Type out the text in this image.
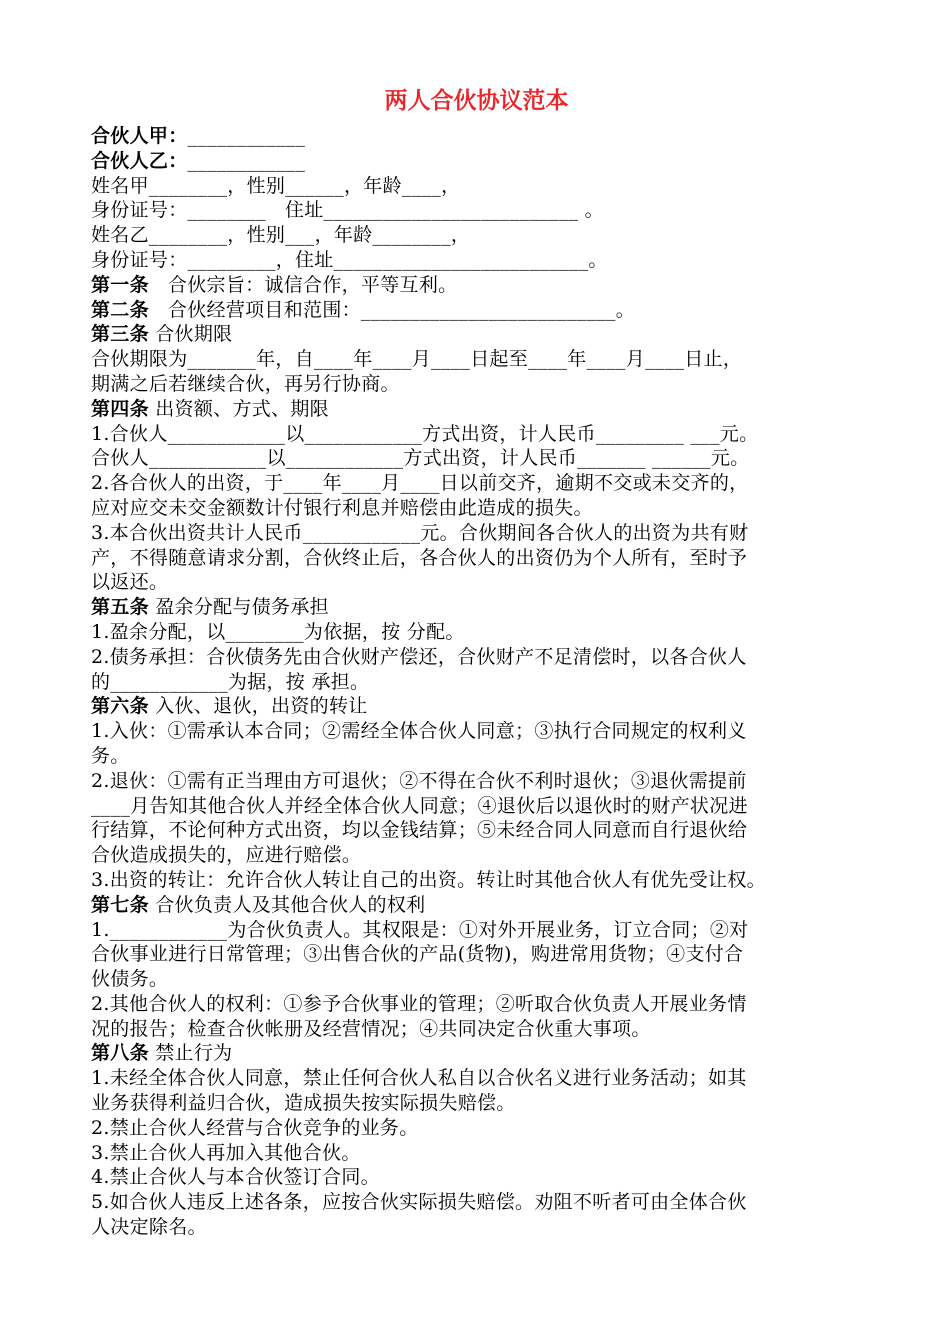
两人合伙协议范本
合伙人甲：____________
合伙人乙：____________
姓名甲________，性别______，年龄____，
身份证号：________   住址__________________________ 。
姓名乙________，性别___，年龄________，
身份证号：_________，住址__________________________。
第一条   合伙宗旨：诚信合作，平等互利。
第二条   合伙经营项目和范围：__________________________。
第三条 合伙期限
合伙期限为_______年，自____年____月____日起至____年____月____日止，
期满之后若继续合伙，再另行协商。
第四条 出资额、方式、期限
1.合伙人____________以____________方式出资，计人民币_________ ___元。
合伙人____________以____________方式出资，计人民币_______ ______元。
2.各合伙人的出资，于____年____月____日以前交齐，逾期不交或未交齐的，
应对应交未交金额数计付银行利息并赔偿由此造成的损失。
3.本合伙出资共计人民币____________元。合伙期间各合伙人的出资为共有财
产，不得随意请求分割，合伙终止后，各合伙人的出资仍为个人所有，至时予
以返还。
第五条 盈余分配与债务承担
1.盈余分配，以________为依据，按 分配。
2.债务承担：合伙债务先由合伙财产偿还，合伙财产不足清偿时，以各合伙人
的____________为据，按 承担。
第六条 入伙、退伙，出资的转让
1.入伙：①需承认本合同；②需经全体合伙人同意；③执行合同规定的权利义
务。
2.退伙：①需有正当理由方可退伙；②不得在合伙不利时退伙；③退伙需提前
____月告知其他合伙人并经全体合伙人同意；④退伙后以退伙时的财产状况进
行结算，不论何种方式出资，均以金钱结算；⑤未经合同人同意而自行退伙给
合伙造成损失的，应进行赔偿。
3.出资的转让：允许合伙人转让自己的出资。转让时其他合伙人有优先受让权。
第七条 合伙负责人及其他合伙人的权利
1.____________为合伙负责人。其权限是：①对外开展业务，订立合同；②对
合伙事业进行日常管理；③出售合伙的产品(货物)，购进常用货物；④支付合
伙债务。
2.其他合伙人的权利：①参予合伙事业的管理；②听取合伙负责人开展业务情
况的报告；检查合伙帐册及经营情况；④共同决定合伙重大事项。
第八条 禁止行为
1.未经全体合伙人同意，禁止任何合伙人私自以合伙名义进行业务活动；如其
业务获得利益归合伙，造成损失按实际损失赔偿。
2.禁止合伙人经营与合伙竞争的业务。
3.禁止合伙人再加入其他合伙。
4.禁止合伙人与本合伙签订合同。
5.如合伙人违反上述各条，应按合伙实际损失赔偿。劝阻不听者可由全体合伙
人决定除名。
